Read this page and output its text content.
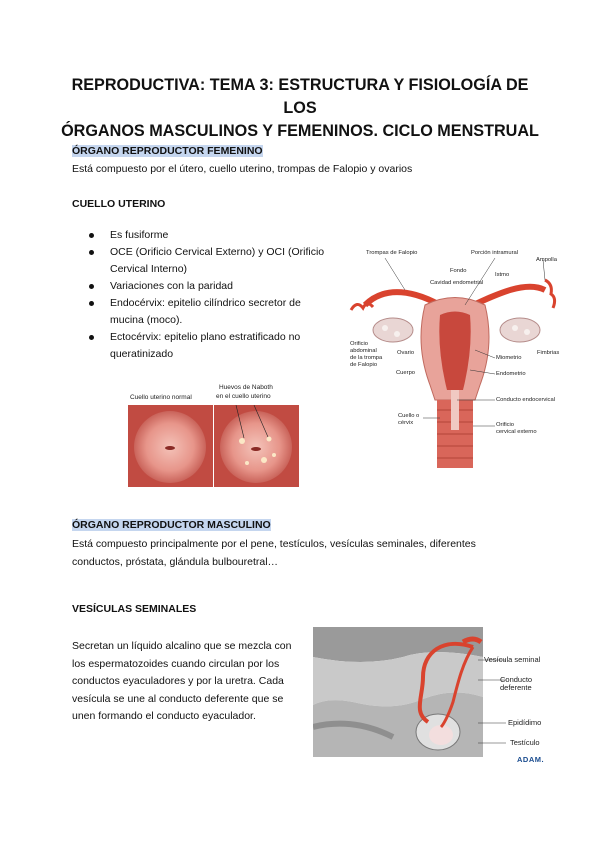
REPRODUCTIVA: TEMA 3: ESTRUCTURA Y FISIOLOGÍA DE LOS
ÓRGANOS MASCULINOS Y FEMENINOS. CICLO MENSTRUAL
ÓRGANO REPRODUCTOR FEMENINO
Está compuesto por el útero, cuello uterino, trompas de Falopio y ovarios
CUELLO UTERINO
Es fusiforme
OCE (Orificio Cervical Externo) y OCI (Orificio Cervical Interno)
Variaciones con la paridad
Endocérvix: epitelio cilíndrico secretor de mucina (moco).
Ectocérvix: epitelio plano estratificado no queratinizado
Cuello uterino normal
Huevos de Naboth
en el cuello uterino
Trompas de Falopio	Porción intramural
Ampolla
Fondo
Istmo
Cavidad endometrial
Orificio
abdominal
de la trompa
de Falopio
Ovario
Cuerpo
Miometrio
Fimbrias
Endometrio
Conducto endocervical
Cuello o
cérvix	Orificio
cervical externo
ÓRGANO REPRODUCTOR MASCULINO
Está compuesto principalmente por el pene, testículos, vesículas seminales, diferentes
conductos, próstata, glándula bulbouretral…
VESÍCULAS SEMINALES
Secretan un líquido alcalino que se mezcla con
los espermatozoides cuando circulan por los
conductos eyaculadores y por la uretra. Cada
vesícula se une al conducto deferente que se
unen formando el conducto eyaculador.
Vesícula seminal
Conducto
deferente
Epidídimo
Testículo
ADAM.
